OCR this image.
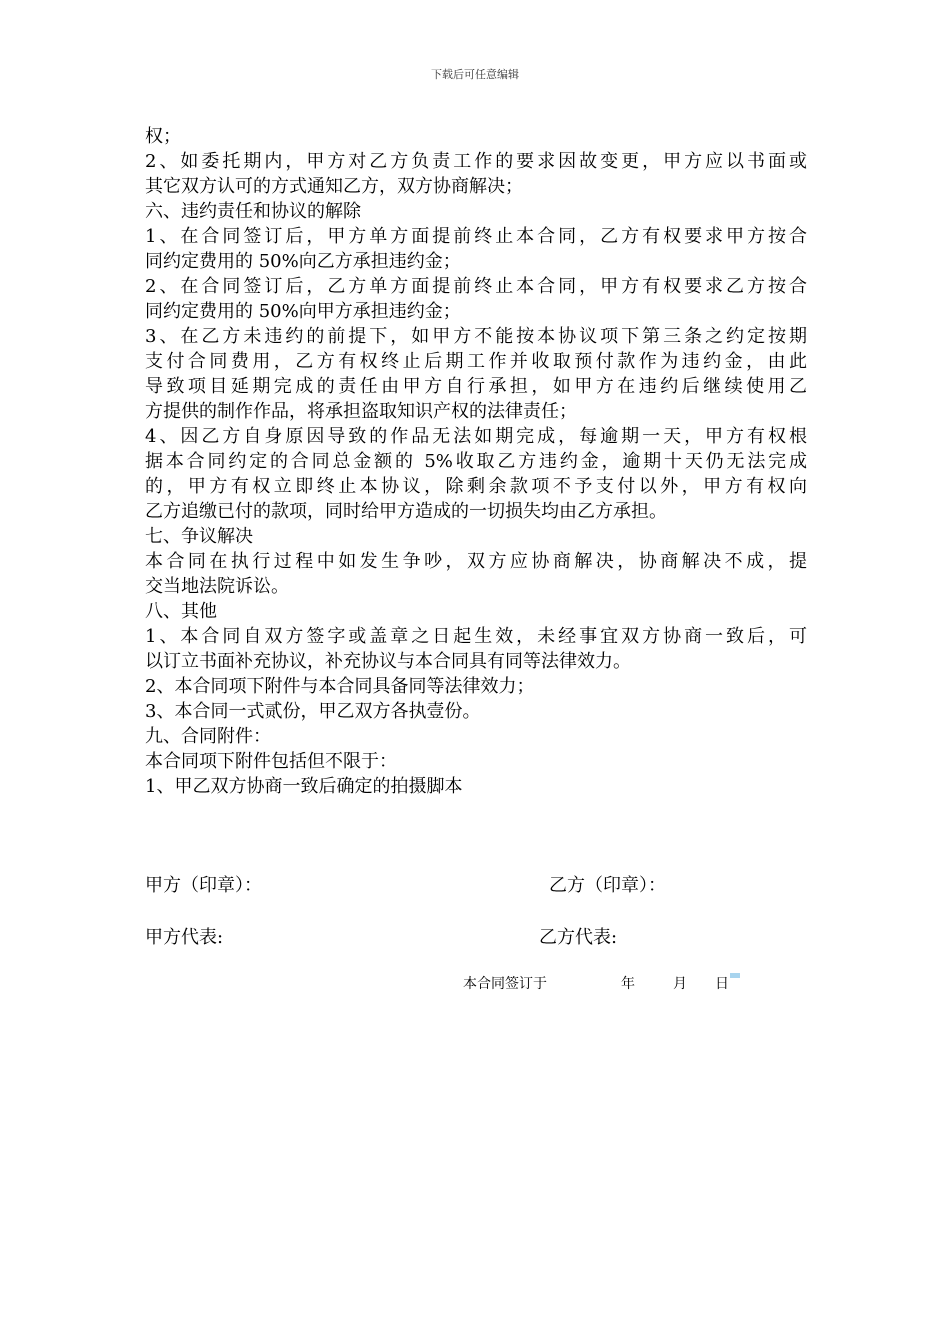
下载后可任意编辑
权；
2、如委托期内，甲方对乙方负责工作的要求因故变更，甲方应以书面或
其它双方认可的方式通知乙方，双方协商解决；
六、违约责任和协议的解除
1、在合同签订后，甲方单方面提前终止本合同，乙方有权要求甲方按合
同约定费用的 50%向乙方承担违约金；
2、在合同签订后，乙方单方面提前终止本合同，甲方有权要求乙方按合
同约定费用的 50%向甲方承担违约金；
3、在乙方未违约的前提下，如甲方不能按本协议项下第三条之约定按期
支付合同费用，乙方有权终止后期工作并收取预付款作为违约金，由此
导致项目延期完成的责任由甲方自行承担，如甲方在违约后继续使用乙
方提供的制作作品，将承担盗取知识产权的法律责任；
4、因乙方自身原因导致的作品无法如期完成，每逾期一天，甲方有权根
据本合同约定的合同总金额的 5%收取乙方违约金，逾期十天仍无法完成
的，甲方有权立即终止本协议，除剩余款项不予支付以外，甲方有权向
乙方追缴已付的款项，同时给甲方造成的一切损失均由乙方承担。
七、争议解决
本合同在执行过程中如发生争吵，双方应协商解决，协商解决不成，提
交当地法院诉讼。
八、其他
1、本合同自双方签字或盖章之日起生效，未经事宜双方协商一致后，可
以订立书面补充协议，补充协议与本合同具有同等法律效力。
2、本合同项下附件与本合同具备同等法律效力；
3、本合同一式贰份，甲乙双方各执壹份。
九、合同附件：
本合同项下附件包括但不限于：
1、甲乙双方协商一致后确定的拍摄脚本
甲方（印章）：	乙方（印章）：
甲方代表:	乙方代表:
本合同签订于	年	月 日
